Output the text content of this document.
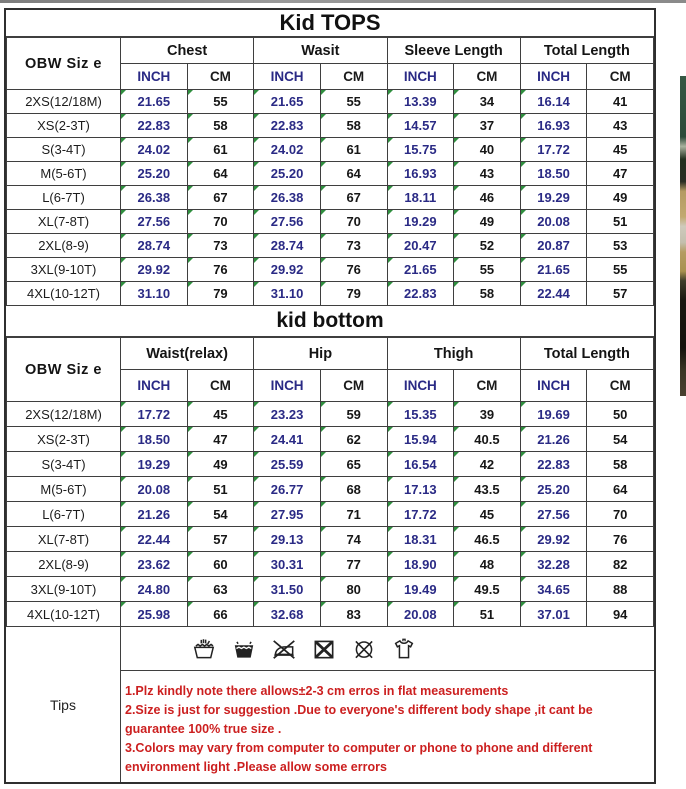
Kid TOPS
OBW Siz e	Chest		Wasit		Sleeve Length		Total Length	
	INCH	CM	INCH	CM	INCH	CM	INCH	CM
2XS(12/18M)	21.65	55	21.65	55	13.39	34	16.14	41
XS(2-3T)	22.83	58	22.83	58	14.57	37	16.93	43
S(3-4T)	24.02	61	24.02	61	15.75	40	17.72	45
M(5-6T)	25.20	64	25.20	64	16.93	43	18.50	47
L(6-7T)	26.38	67	26.38	67	18.11	46	19.29	49
XL(7-8T)	27.56	70	27.56	70	19.29	49	20.08	51
2XL(8-9)	28.74	73	28.74	73	20.47	52	20.87	53
3XL(9-10T)	29.92	76	29.92	76	21.65	55	21.65	55
4XL(10-12T)	31.10	79	31.10	79	22.83	58	22.44	57
kid bottom
OBW Siz e	Waist(relax)		Hip		Thigh		Total Length	
	INCH	CM	INCH	CM	INCH	CM	INCH	CM
2XS(12/18M)	17.72	45	23.23	59	15.35	39	19.69	50
XS(2-3T)	18.50	47	24.41	62	15.94	40.5	21.26	54
S(3-4T)	19.29	49	25.59	65	16.54	42	22.83	58
M(5-6T)	20.08	51	26.77	68	17.13	43.5	25.20	64
L(6-7T)	21.26	54	27.95	71	17.72	45	27.56	70
XL(7-8T)	22.44	57	29.13	74	18.31	46.5	29.92	76
2XL(8-9)	23.62	60	30.31	77	18.90	48	32.28	82
3XL(9-10T)	24.80	63	31.50	80	19.49	49.5	34.65	88
4XL(10-12T)	25.98	66	32.68	83	20.08	51	37.01	94
Tips
1.Plz kindly note there allows±2-3 cm erros in flat measurements
2.Size is just for suggestion .Due to everyone's different body shape ,it cant be
guarantee 100% true size .
3.Colors may vary from computer to computer or phone to phone and different
environment light .Please allow some errors
